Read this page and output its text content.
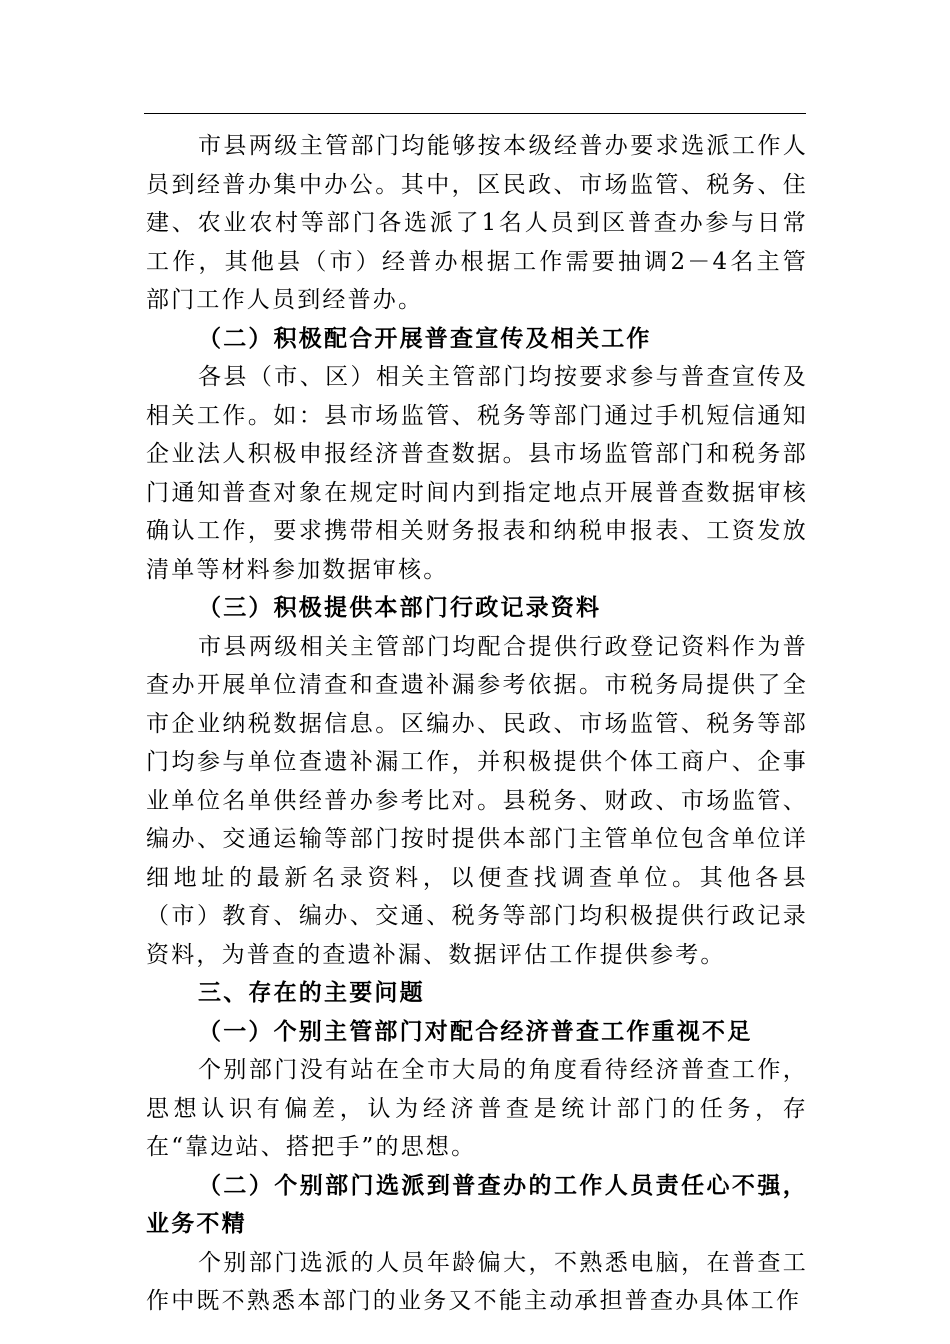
市县两级主管部门均能够按本级经普办要求选派工作人员到经普办集中办公。其中，区民政、市场监管、税务、住建、农业农村等部门各选派了1名人员到区普查办参与日常工作，其他县（市）经普办根据工作需要抽调2－4名主管部门工作人员到经普办。

（二）积极配合开展普查宣传及相关工作

各县（市、区）相关主管部门均按要求参与普查宣传及相关工作。如：县市场监管、税务等部门通过手机短信通知企业法人积极申报经济普查数据。县市场监管部门和税务部门通知普查对象在规定时间内到指定地点开展普查数据审核确认工作，要求携带相关财务报表和纳税申报表、工资发放清单等材料参加数据审核。

（三）积极提供本部门行政记录资料

市县两级相关主管部门均配合提供行政登记资料作为普查办开展单位清查和查遗补漏参考依据。市税务局提供了全市企业纳税数据信息。区编办、民政、市场监管、税务等部门均参与单位查遗补漏工作，并积极提供个体工商户、企事业单位名单供经普办参考比对。县税务、财政、市场监管、编办、交通运输等部门按时提供本部门主管单位包含单位详细地址的最新名录资料，以便查找调查单位。其他各县（市）教育、编办、交通、税务等部门均积极提供行政记录资料，为普查的查遗补漏、数据评估工作提供参考。

三、存在的主要问题

（一）个别主管部门对配合经济普查工作重视不足

个别部门没有站在全市大局的角度看待经济普查工作，思想认识有偏差，认为经济普查是统计部门的任务，存在“靠边站、搭把手”的思想。

（二）个别部门选派到普查办的工作人员责任心不强，业务不精

个别部门选派的人员年龄偏大，不熟悉电脑，在普查工作中既不熟悉本部门的业务又不能主动承担普查办具体工作
